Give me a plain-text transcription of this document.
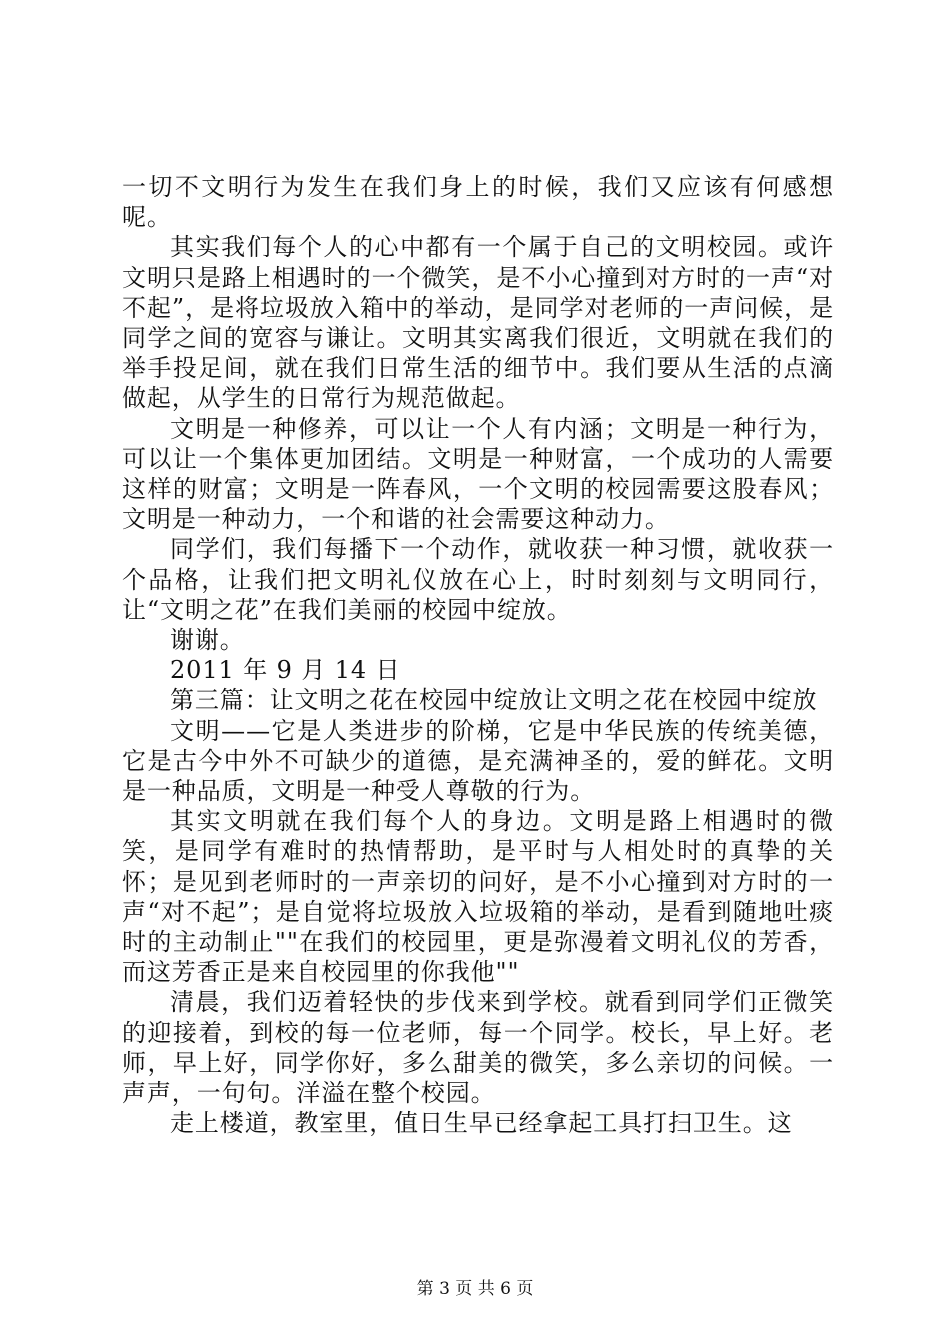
一切不文明行为发生在我们身上的时候，我们又应该有何感想呢。

其实我们每个人的心中都有一个属于自己的文明校园。或许文明只是路上相遇时的一个微笑，是不小心撞到对方时的一声“对不起”，是将垃圾放入箱中的举动，是同学对老师的一声问候，是同学之间的宽容与谦让。文明其实离我们很近，文明就在我们的举手投足间，就在我们日常生活的细节中。我们要从生活的点滴做起，从学生的日常行为规范做起。

文明是一种修养，可以让一个人有内涵；文明是一种行为，可以让一个集体更加团结。文明是一种财富，一个成功的人需要这样的财富；文明是一阵春风，一个文明的校园需要这股春风；文明是一种动力，一个和谐的社会需要这种动力。

同学们，我们每播下一个动作，就收获一种习惯，就收获一个品格，让我们把文明礼仪放在心上，时时刻刻与文明同行，让“文明之花”在我们美丽的校园中绽放。

谢谢。

2011 年 9 月 14 日

第三篇：让文明之花在校园中绽放让文明之花在校园中绽放

文明——它是人类进步的阶梯，它是中华民族的传统美德，它是古今中外不可缺少的道德，是充满神圣的，爱的鲜花。文明是一种品质，文明是一种受人尊敬的行为。

其实文明就在我们每个人的身边。文明是路上相遇时的微笑，是同学有难时的热情帮助，是平时与人相处时的真挚的关怀；是见到老师时的一声亲切的问好，是不小心撞到对方时的一声“对不起”；是自觉将垃圾放入垃圾箱的举动，是看到随地吐痰时的主动制止""在我们的校园里，更是弥漫着文明礼仪的芳香，而这芳香正是来自校园里的你我他""

清晨，我们迈着轻快的步伐来到学校。就看到同学们正微笑的迎接着，到校的每一位老师，每一个同学。校长，早上好。老师，早上好，同学你好，多么甜美的微笑，多么亲切的问候。一声声，一句句。洋溢在整个校园。

走上楼道，教室里，值日生早已经拿起工具打扫卫生。这

第 3 页 共 6 页
